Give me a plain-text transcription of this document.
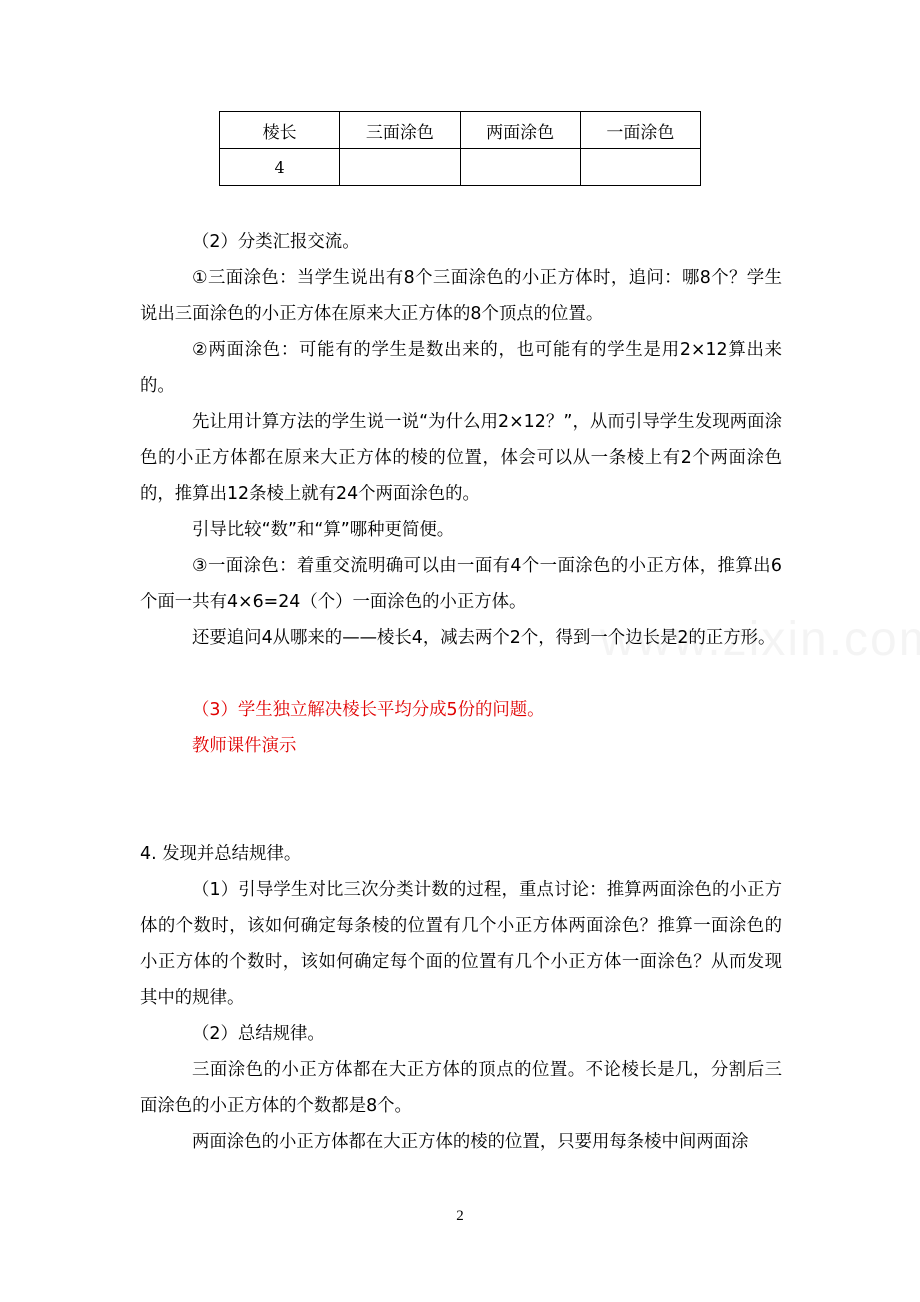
棱长	三面涂色	两面涂色	一面涂色
4			

（2）分类汇报交流。

①三面涂色：当学生说出有8个三面涂色的小正方体时，追问：哪8个？学生说出三面涂色的小正方体在原来大正方体的8个顶点的位置。

②两面涂色：可能有的学生是数出来的，也可能有的学生是用2×12算出来的。

先让用计算方法的学生说一说“为什么用2×12？”，从而引导学生发现两面涂色的小正方体都在原来大正方体的棱的位置，体会可以从一条棱上有2个两面涂色的，推算出12条棱上就有24个两面涂色的。

引导比较“数”和“算”哪种更简便。

③一面涂色：着重交流明确可以由一面有4个一面涂色的小正方体，推算出6个面一共有4×6=24（个）一面涂色的小正方体。

还要追问4从哪来的——棱长4，减去两个2个，得到一个边长是2的正方形。

（3）学生独立解决棱长平均分成5份的问题。

教师课件演示

4. 发现并总结规律。

（1）引导学生对比三次分类计数的过程，重点讨论：推算两面涂色的小正方体的个数时，该如何确定每条棱的位置有几个小正方体两面涂色？推算一面涂色的小正方体的个数时，该如何确定每个面的位置有几个小正方体一面涂色？从而发现其中的规律。

（2）总结规律。

三面涂色的小正方体都在大正方体的顶点的位置。不论棱长是几，分割后三面涂色的小正方体的个数都是8个。

两面涂色的小正方体都在大正方体的棱的位置，只要用每条棱中间两面涂

2
